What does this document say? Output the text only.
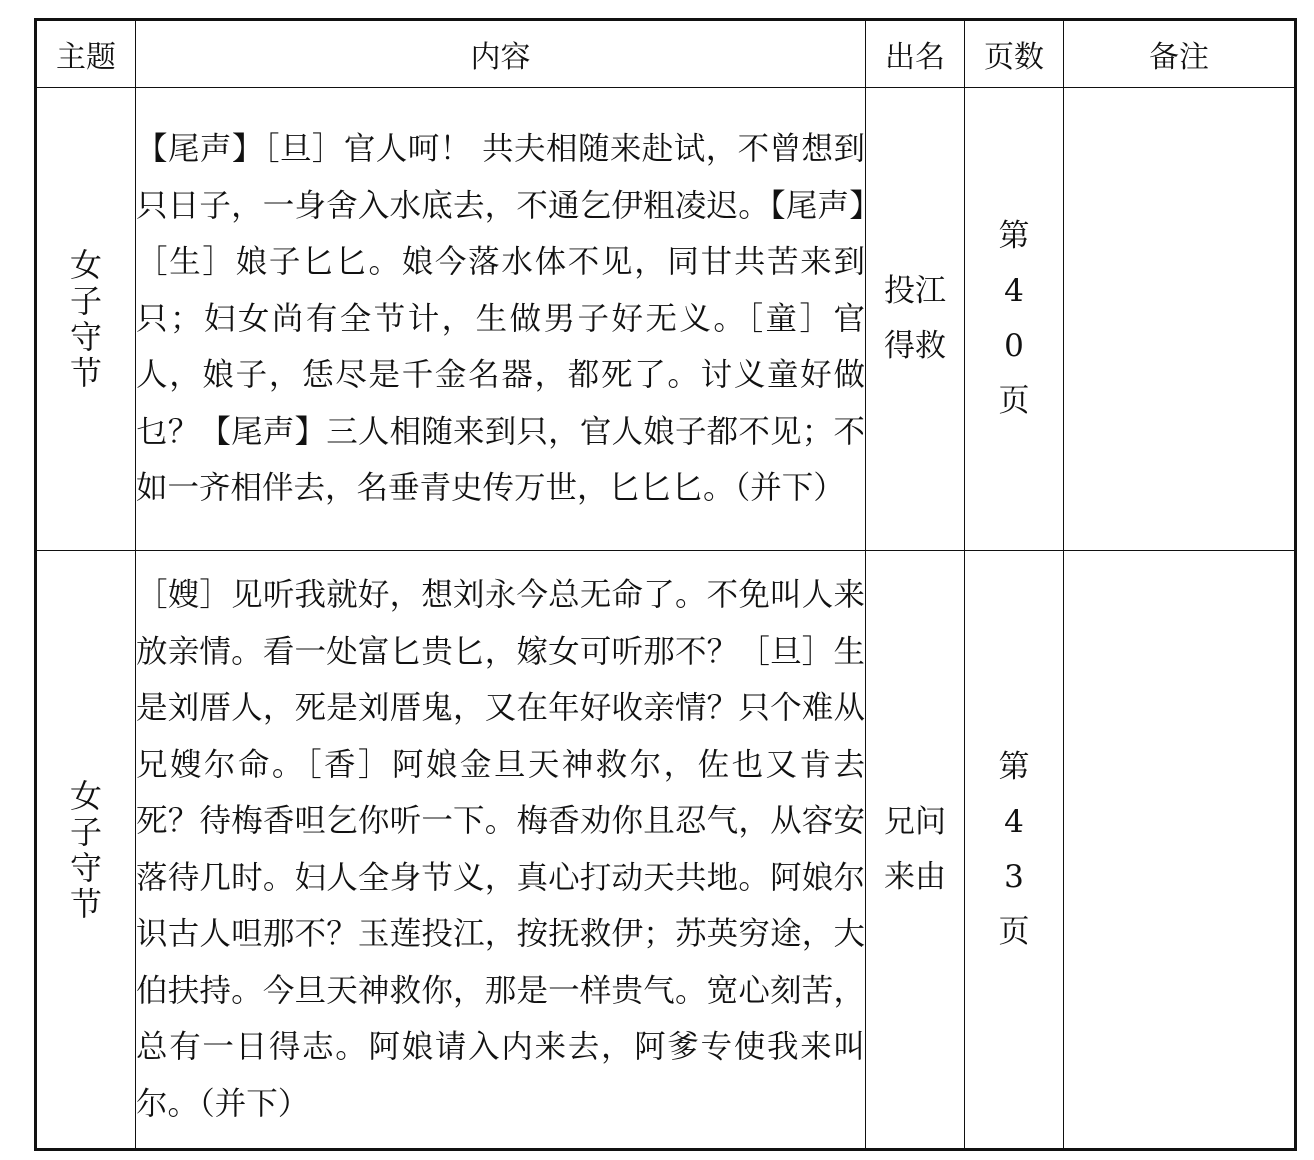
主题	内容	出名	页数	备注
女子守节	【尾声】［旦］官人呵！ 共夫相随来赴试，不曾想到只日子，一身舍入水底去，不通乞伊粗凌迟。【尾声】［生］娘子匕匕。娘今落水体不见，同甘共苦来到只；妇女尚有全节计，生做男子好无义。［童］官人，娘子，恁尽是千金名器，都死了。讨义童好做乜？【尾声】三人相随来到只，官人娘子都不见；不如一齐相伴去，名垂青史传万世，匕匕匕。（并下）	投江得救	第40页	
女子守节	［嫂］见听我就好，想刘永今总无命了。不免叫人来放亲情。看一处富匕贵匕，嫁女可听那不？［旦］生是刘厝人，死是刘厝鬼，又在年好收亲情？只个难从兄嫂尔命。［香］阿娘金旦天神救尔，佐也又肯去死？待梅香呾乞你听一下。梅香劝你且忍气，从容安落待几时。妇人全身节义，真心打动天共地。阿娘尔识古人呾那不？玉莲投江，按抚救伊；苏英穷途，大伯扶持。今旦天神救你，那是一样贵气。宽心刻苦，总有一日得志。阿娘请入内来去，阿爹专使我来叫尔。（并下）	兄问来由	第43页	
